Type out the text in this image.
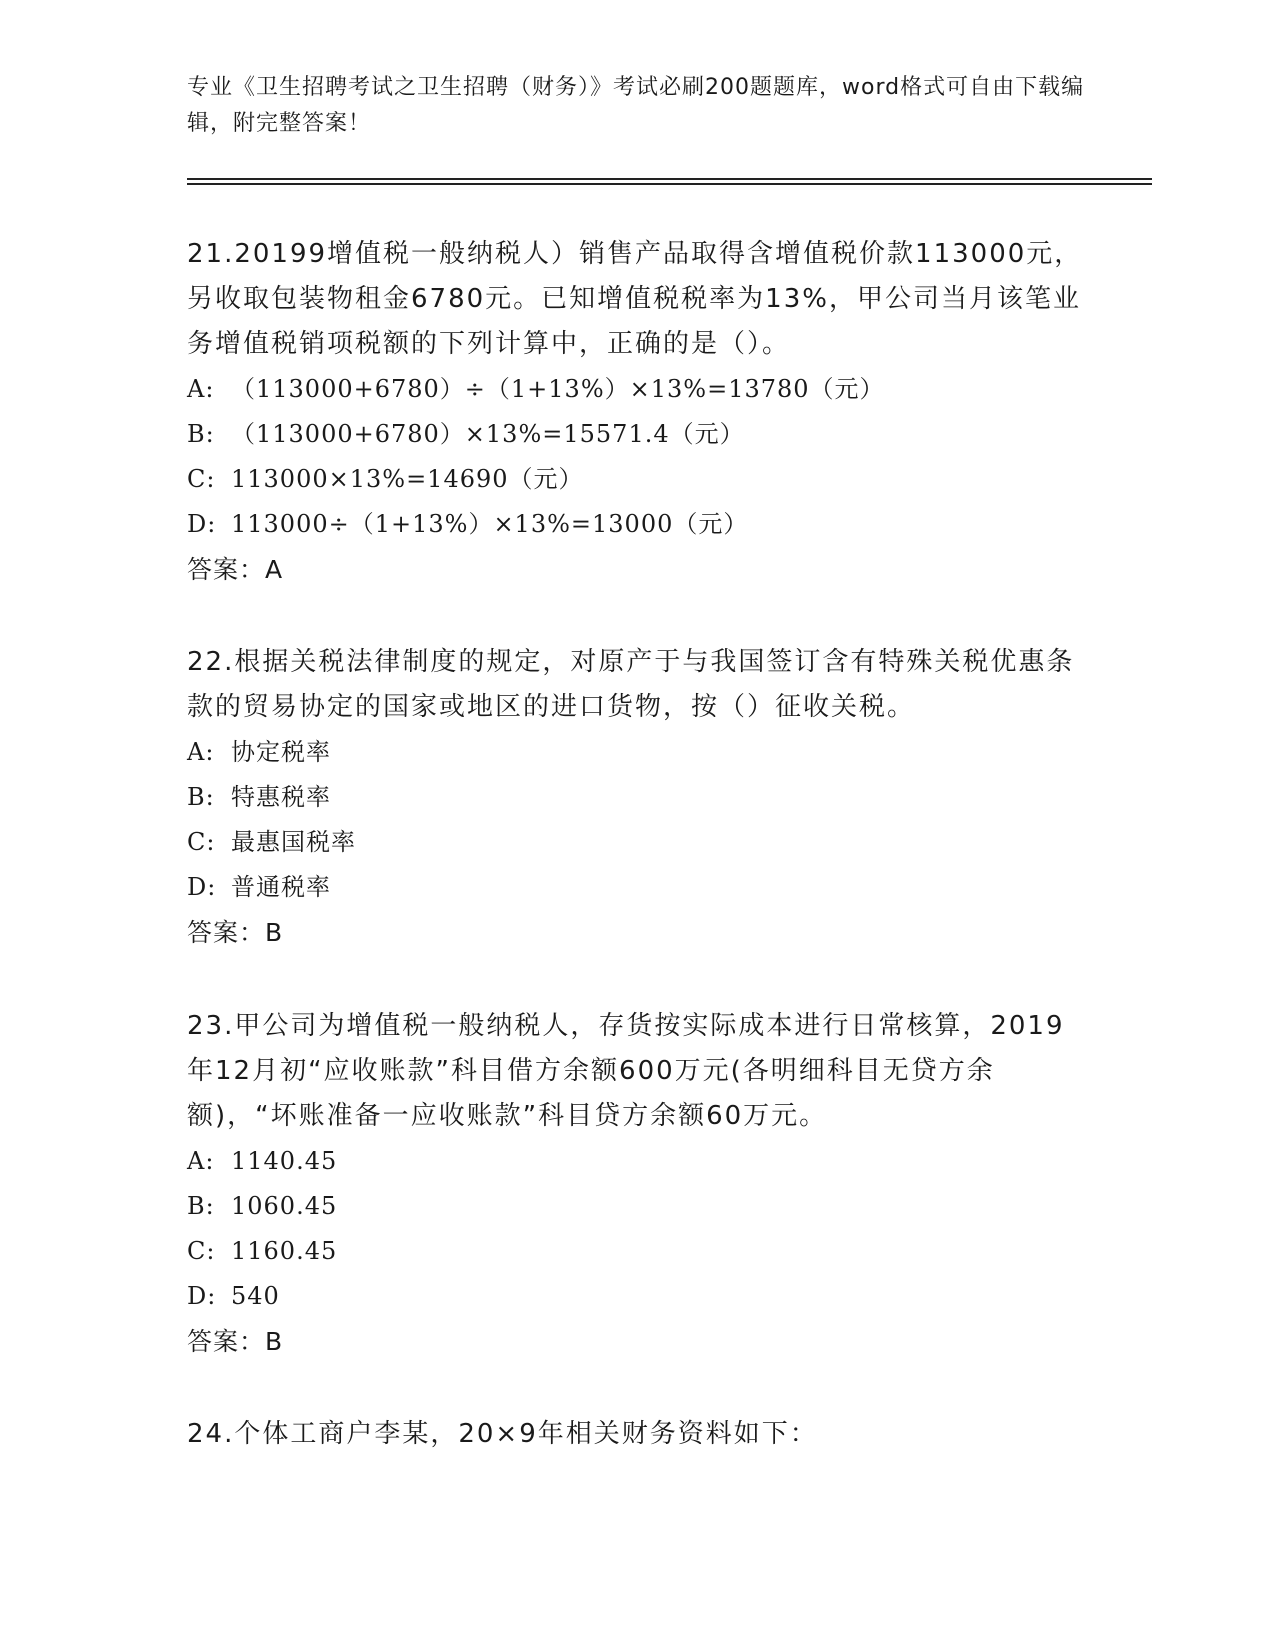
专业《卫生招聘考试之卫生招聘（财务）》考试必刷200题题库，word格式可自由下载编辑，附完整答案！

21.20199增值税一般纳税人）销售产品取得含增值税价款113000元，另收取包装物租金6780元。已知增值税税率为13%，甲公司当月该笔业务增值税销项税额的下列计算中，正确的是（）。

A: （113000+6780）÷（1+13%）×13%=13780（元）

B: （113000+6780）×13%=15571.4（元）

C: 113000×13%=14690（元）

D: 113000÷（1+13%）×13%=13000（元）

答案：A

22.根据关税法律制度的规定，对原产于与我国签订含有特殊关税优惠条款的贸易协定的国家或地区的进口货物，按（）征收关税。

A: 协定税率

B: 特惠税率

C: 最惠国税率

D: 普通税率

答案：B

23.甲公司为增值税一般纳税人，存货按实际成本进行日常核算，2019年12月初“应收账款”科目借方余额600万元(各明细科目无贷方余额)，“坏账准备一应收账款”科目贷方余额60万元。

A: 1140.45

B: 1060.45

C: 1160.45

D: 540

答案：B

24.个体工商户李某，20×9年相关财务资料如下：
